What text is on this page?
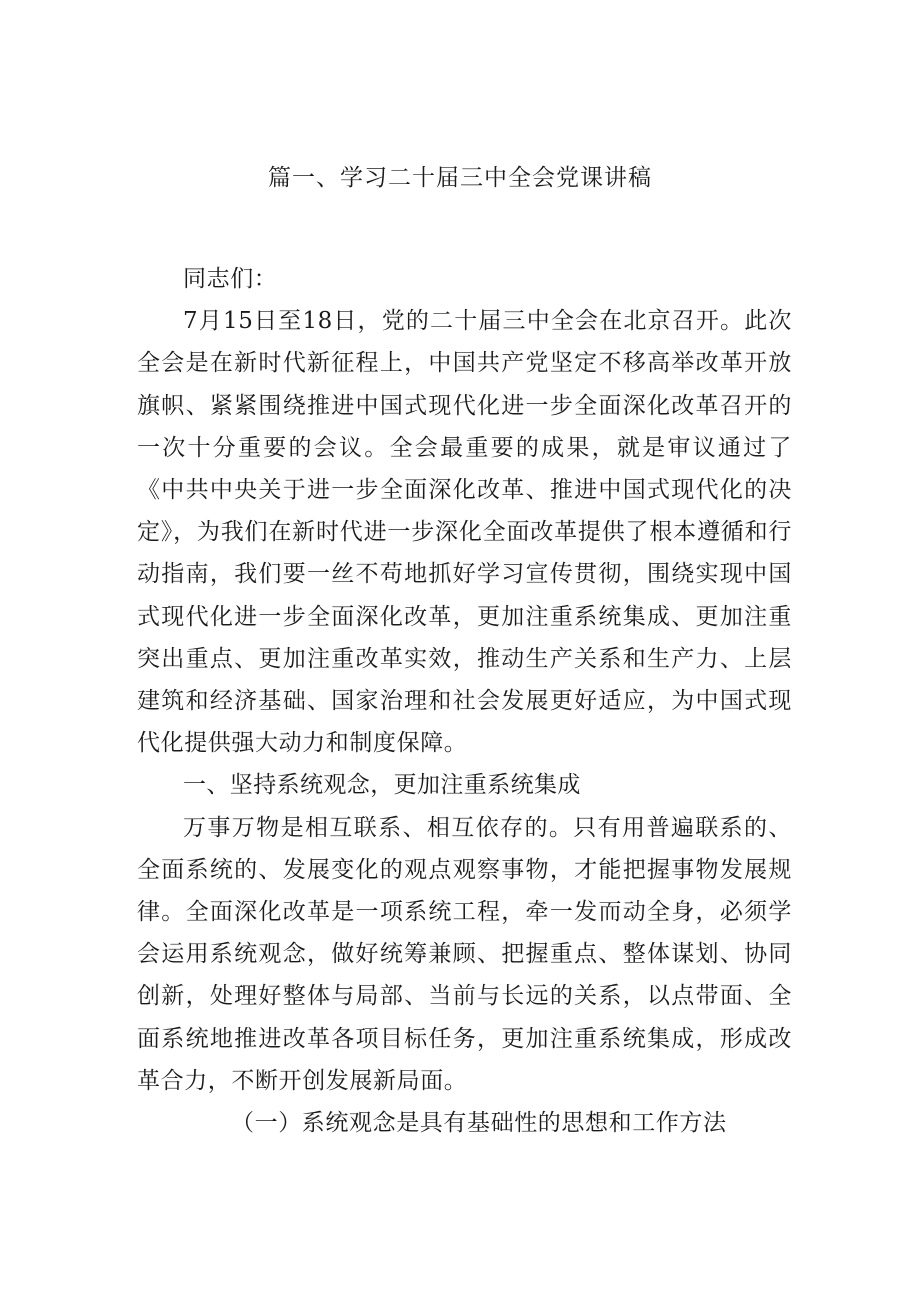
篇一、学习二十届三中全会党课讲稿

同志们：

7月15日至18日，党的二十届三中全会在北京召开。此次全会是在新时代新征程上，中国共产党坚定不移高举改革开放旗帜、紧紧围绕推进中国式现代化进一步全面深化改革召开的一次十分重要的会议。全会最重要的成果，就是审议通过了《中共中央关于进一步全面深化改革、推进中国式现代化的决定》，为我们在新时代进一步深化全面改革提供了根本遵循和行动指南，我们要一丝不苟地抓好学习宣传贯彻，围绕实现中国式现代化进一步全面深化改革，更加注重系统集成、更加注重突出重点、更加注重改革实效，推动生产关系和生产力、上层建筑和经济基础、国家治理和社会发展更好适应，为中国式现代化提供强大动力和制度保障。

一、坚持系统观念，更加注重系统集成

万事万物是相互联系、相互依存的。只有用普遍联系的、全面系统的、发展变化的观点观察事物，才能把握事物发展规律。全面深化改革是一项系统工程，牵一发而动全身，必须学会运用系统观念，做好统筹兼顾、把握重点、整体谋划、协同创新，处理好整体与局部、当前与长远的关系，以点带面、全面系统地推进改革各项目标任务，更加注重系统集成，形成改革合力，不断开创发展新局面。

（一）系统观念是具有基础性的思想和工作方法
